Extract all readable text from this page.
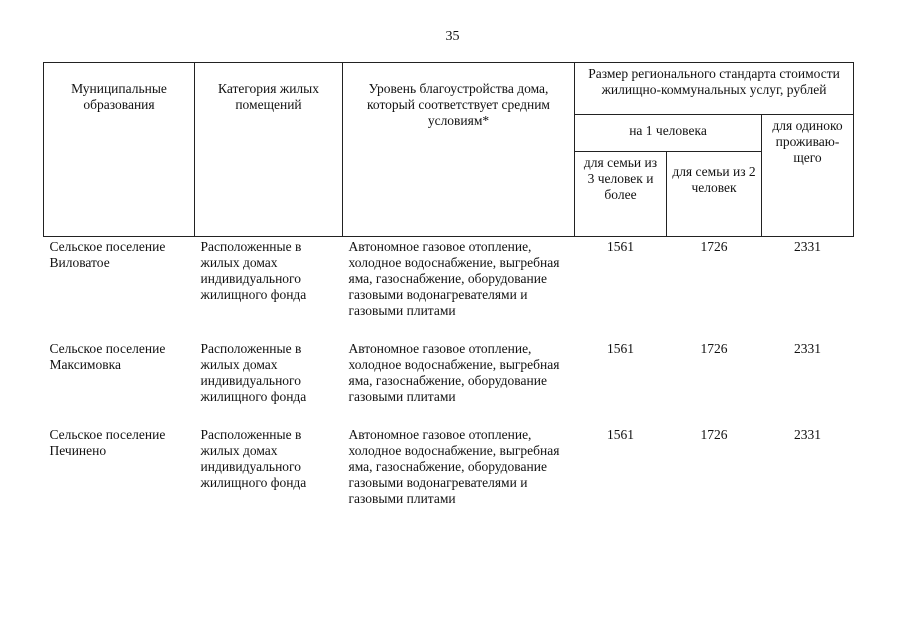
35
Муниципальные образования	Категория жилых помещений	Уровень благоустройства дома, который соответствует средним условиям*	Размер регионального стандарта стоимости жилищно-коммунальных услуг, рублей		
			на 1 человека		для одиноко проживаю-щего
			для семьи из 3 человек и более	для семьи из 2 человек	
Сельское поселение Виловатое	Расположенные в жилых домах индивидуального жилищного фонда	Автономное газовое отопление, холодное водоснабжение, выгребная яма, газоснабжение, оборудование газовыми водонагревателями и газовыми плитами	1561	1726	2331

Сельское поселение Максимовка	Расположенные в жилых домах индивидуального жилищного фонда	Автономное газовое отопление, холодное водоснабжение, выгребная яма, газоснабжение, оборудование газовыми плитами	1561	1726	2331

Сельское поселение Печинено	Расположенные в жилых домах индивидуального жилищного фонда	Автономное газовое отопление, холодное водоснабжение, выгребная яма, газоснабжение, оборудование газовыми водонагревателями и газовыми плитами	1561	1726	2331
